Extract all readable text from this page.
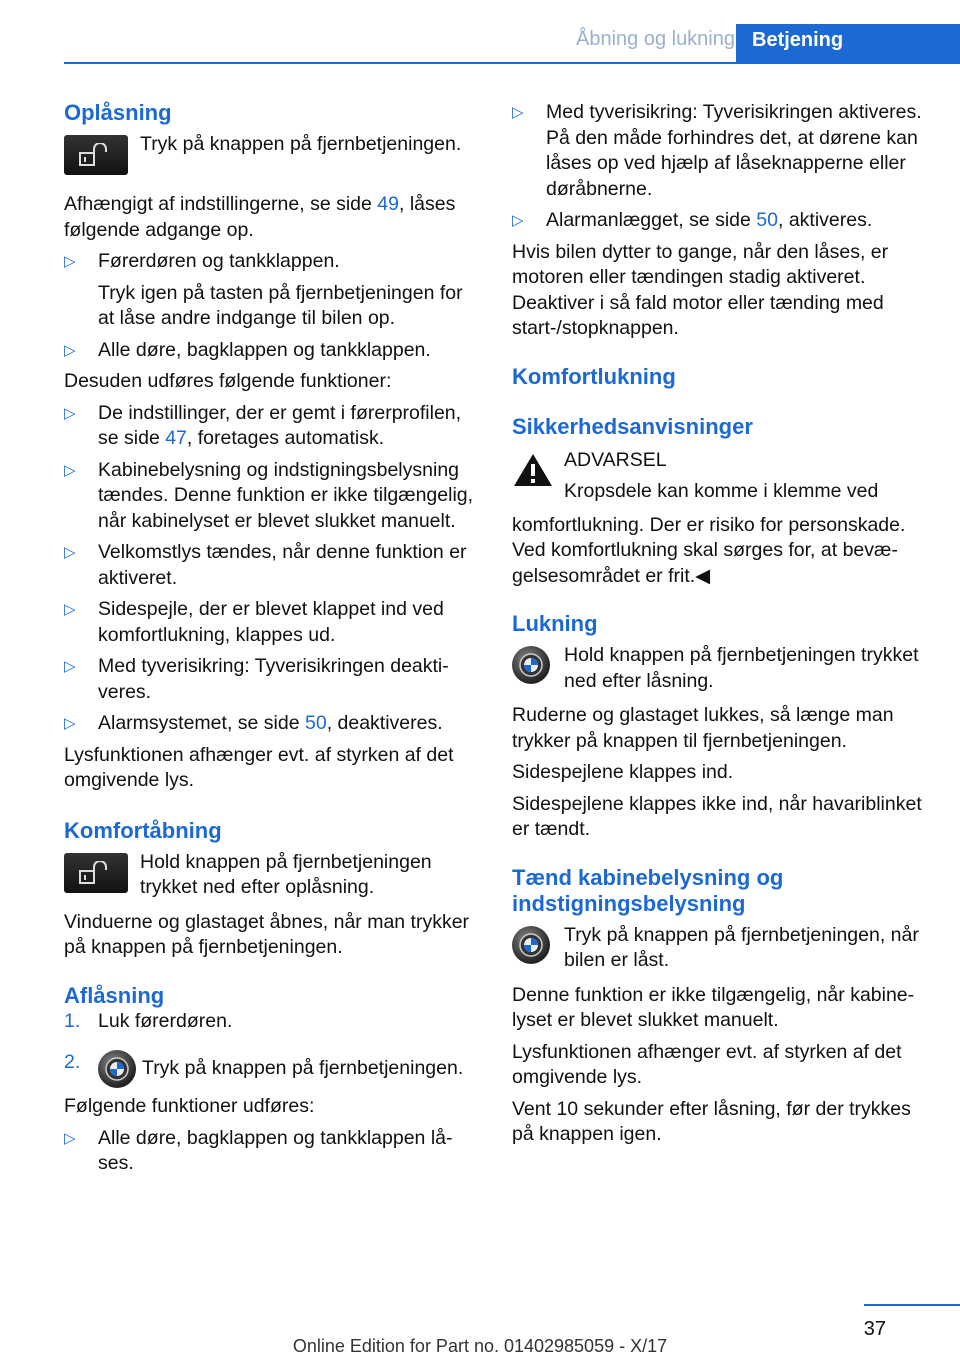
Åbning og lukning Betjening
Oplåsning
Tryk på knappen på fjernbetjeningen.

Afhængigt af indstillingerne, se side 49, låses følgende adgange op.

▷ Førerdøren og tankklappen.

Tryk igen på tasten på fjernbetjeningen for at låse andre indgange til bilen op.
▷ Alle døre, bagklappen og tankklappen.

Desuden udføres følgende funktioner:

▷ De indstillinger, der er gemt i førerprofilen, se side 47, foretages automatisk.
▷ Kabinebelysning og indstigningsbelysning tændes. Denne funktion er ikke tilgængelig, når kabinelyset er blevet slukket manuelt.
▷ Velkomstlys tændes, når denne funktion er aktiveret.
▷ Sidespejle, der er blevet klappet ind ved komfortlukning, klappes ud.
▷ Med tyverisikring: Tyverisikringen deaktiveres.
▷ Alarmsystemet, se side 50, deaktiveres.

Lysfunktionen afhænger evt. af styrken af det omgivende lys.

Komfortåbning
Hold knappen på fjernbetjeningen trykket ned efter oplåsning.

Vinduerne og glastaget åbnes, når man trykker på knappen på fjernbetjeningen.

Aflåsning
1. Luk førerdøren.
2.	Tryk på knappen på fjernbetjeningen.

Følgende funktioner udføres:

▷ Alle døre, bagklappen og tankklappen låses.
▷ Med tyverisikring: Tyverisikringen aktiveres. På den måde forhindres det, at dørene kan låses op ved hjælp af låseknapperne eller døråbnerne.
▷ Alarmanlægget, se side 50, aktiveres.

Hvis bilen dytter to gange, når den låses, er motoren eller tændingen stadig aktiveret. Deaktiver i så fald motor eller tænding med start-/stopknappen.

Komfortlukning
Sikkerhedsanvisninger
ADVARSEL
Kropsdele kan komme i klemme ved

komfortlukning. Der er risiko for personskade. Ved komfortlukning skal sørges for, at bevægelsesområdet er frit.◀

Lukning
Hold knappen på fjernbetjeningen trykket ned efter låsning.

Ruderne og glastaget lukkes, så længe man trykker på knappen til fjernbetjeningen.

Sidespejlene klappes ind.

Sidespejlene klappes ikke ind, når havariblinket er tændt.

Tænd kabinebelysning og indstigningsbelysning
Tryk på knappen på fjernbetjeningen, når bilen er låst.

Denne funktion er ikke tilgængelig, når kabinelyset er blevet slukket manuelt.

Lysfunktionen afhænger evt. af styrken af det omgivende lys.

Vent 10 sekunder efter låsning, før der trykkes på knappen igen.

37
Online Edition for Part no. 01402985059 - X/17
